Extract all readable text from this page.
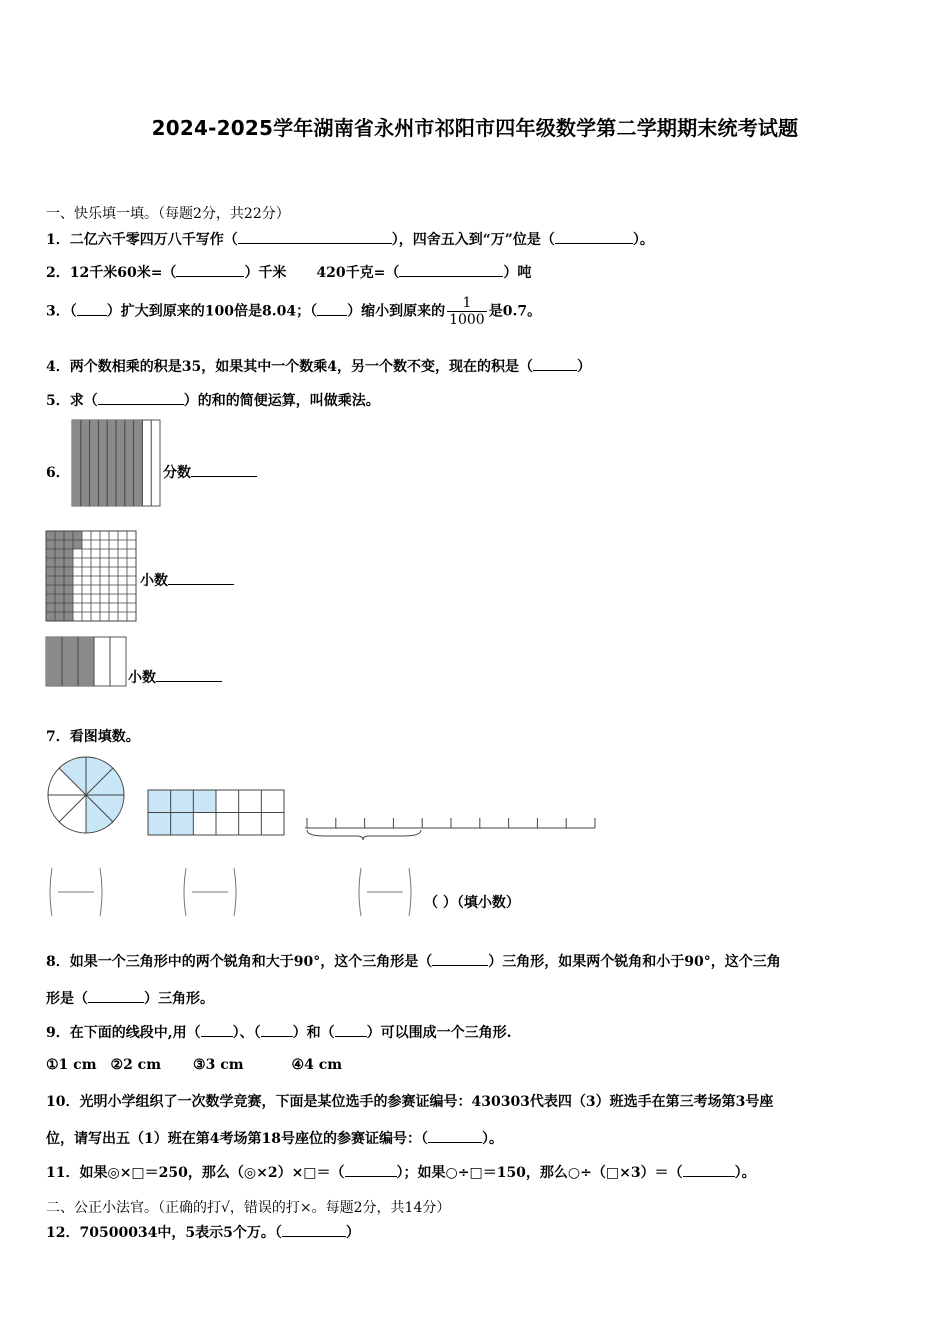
2024-2025学年湖南省永州市祁阳市四年级数学第二学期期末统考试题
一、快乐填一填。（每题2分，共22分）
1．二亿六千零四万八千写作（	），四舍五入到“万”位是（	）。
2．12千米60米=（	）千米 420千克=（	）吨
3．（ ）扩大到原来的100倍是8.04；（ ）缩小到原来的 $\frac{1}{1000}$ 是0.7。
4．两个数相乘的积是35，如果其中一个数乘4，另一个数不变，现在的积是（	）
5．求（	）的和的简便运算，叫做乘法。
6．	分数
小数
小数
7．看图填数。
（ ）（填小数）
8．如果一个三角形中的两个锐角和大于90°，这个三角形是（	）三角形，如果两个锐角和小于90°，这个三角
形是（	）三角形。
9．在下面的线段中,用（ ）、（ ）和（ ）可以围成一个三角形.
①1 cm ②2 cm ③3 cm	④4 cm
10．光明小学组织了一次数学竞赛，下面是某位选手的参赛证编号：430303代表四（3）班选手在第三考场第3号座
位，请写出五（1）班在第4考场第18号座位的参赛证编号：（	）。
11．如果◎×□＝250，那么（◎×2）×□＝（	）；如果○÷□＝150，那么○÷（□×3）＝（	）。
二、公正小法官。（正确的打√，错误的打×。每题2分，共14分）
12．70500034中，5表示5个万。（	）
